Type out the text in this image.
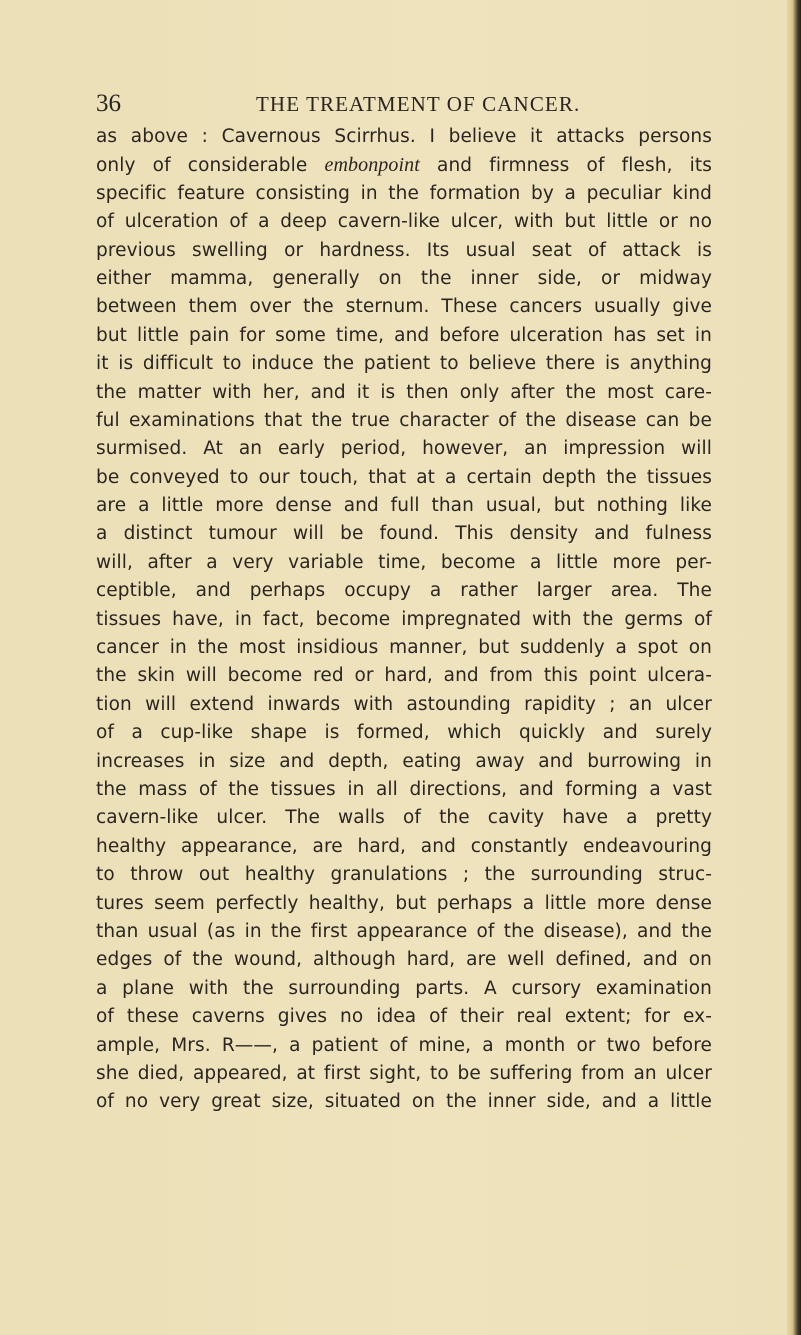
36	THE TREATMENT OF CANCER.
as above : Cavernous Scirrhus. I believe it attacks persons
only of considerable embonpoint and firmness of flesh, its
specific feature consisting in the formation by a peculiar kind
of ulceration of a deep cavern-like ulcer, with but little or no
previous swelling or hardness. Its usual seat of attack is
either mamma, generally on the inner side, or midway
between them over the sternum. These cancers usually give
but little pain for some time, and before ulceration has set in
it is difficult to induce the patient to believe there is anything
the matter with her, and it is then only after the most care-
ful examinations that the true character of the disease can be
surmised. At an early period, however, an impression will
be conveyed to our touch, that at a certain depth the tissues
are a little more dense and full than usual, but nothing like
a distinct tumour will be found. This density and fulness
will, after a very variable time, become a little more per-
ceptible, and perhaps occupy a rather larger area. The
tissues have, in fact, become impregnated with the germs of
cancer in the most insidious manner, but suddenly a spot on
the skin will become red or hard, and from this point ulcera-
tion will extend inwards with astounding rapidity ; an ulcer
of a cup-like shape is formed, which quickly and surely
increases in size and depth, eating away and burrowing in
the mass of the tissues in all directions, and forming a vast
cavern-like ulcer. The walls of the cavity have a pretty
healthy appearance, are hard, and constantly endeavouring
to throw out healthy granulations ; the surrounding struc-
tures seem perfectly healthy, but perhaps a little more dense
than usual (as in the first appearance of the disease), and the
edges of the wound, although hard, are well defined, and on
a plane with the surrounding parts. A cursory examination
of these caverns gives no idea of their real extent; for ex-
ample, Mrs. R——, a patient of mine, a month or two before
she died, appeared, at first sight, to be suffering from an ulcer
of no very great size, situated on the inner side, and a little
